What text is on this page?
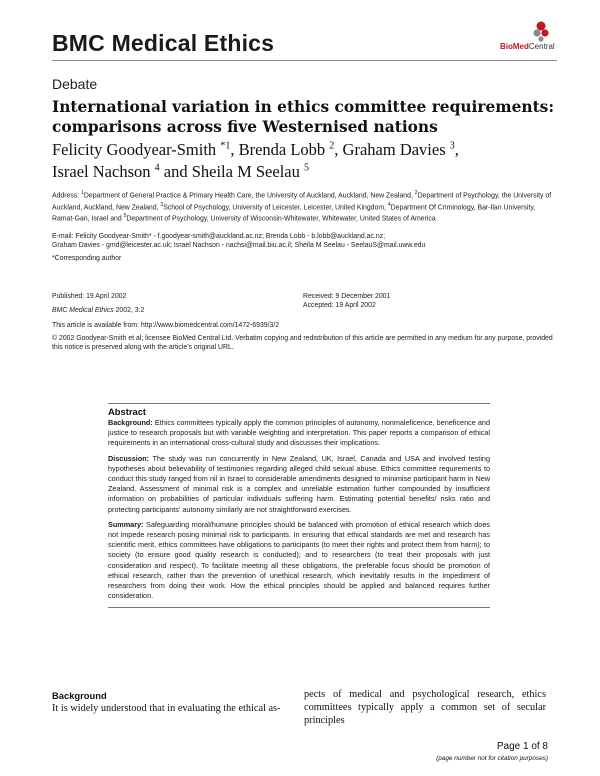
BMC Medical Ethics	BioMedCentral
Debate
International variation in ethics committee requirements: comparisons across five Westernised nations
Felicity Goodyear-Smith $^{*1}$, Brenda Lobb $^2$, Graham Davies $^3$,
Israel Nachson $^4$ and Sheila M Seelau $^5$
Address: $^1$Department of General Practice & Primary Health Care, the University of Auckland, Auckland, New Zealand, $^2$Department of Psychology, the University of Auckland, Auckland, New Zealand, $^3$School of Psychology, University of Leicester, Leicester, United Kingdom, $^4$Department Of Criminology, Bar-Ilan University, Ramat-Gan, Israel and $^5$Department of Psychology, University of Wisconsin-Whitewater, Whitewater, United States of America
E-mail: Felicity Goodyear-Smith* - f.goodyear-smith@auckland.ac.nz; Brenda Lobb - b.lobb@auckland.ac.nz;
Graham Davies - gmd@leicester.ac.uk; Israel Nachson - nachsi@mail.biu.ac.il; Sheila M Seelau - SeelauS@mail.uww.edu
*Corresponding author
Published: 19 April 2002
BMC Medical Ethics 2002, 3:2
Received: 9 December 2001
Accepted: 19 April 2002
This article is available from: http://www.biomedcentral.com/1472-6939/3/2
© 2002 Goodyear-Smith et al; licensee BioMed Central Ltd. Verbatim copying and redistribution of this article are permitted in any medium for any purpose, provided this notice is preserved along with the article's original URL.
Abstract

Background: Ethics committees typically apply the common principles of autonomy, nonmaleficence, beneficence and justice to research proposals but with variable weighting and interpretation. This paper reports a comparison of ethical requirements in an international cross-cultural study and discusses their implications.

Discussion: The study was run concurrently in New Zealand, UK, Israel, Canada and USA and involved testing hypotheses about believability of testimonies regarding alleged child sexual abuse. Ethics committee requirements to conduct this study ranged from nil in Israel to considerable amendments designed to minimise participant harm in New Zealand. Assessment of minimal risk is a complex and unreliable estimation further compounded by insufficient information on probabilities of particular individuals suffering harm. Estimating potential benefits/ risks ratio and protecting participants' autonomy similarly are not straightforward exercises.

Summary: Safeguarding moral/humane principles should be balanced with promotion of ethical research which does not impede research posing minimal risk to participants. In ensuring that ethical standards are met and research has scientific merit, ethics committees have obligations to participants (to meet their rights and protect them from harm); to society (to ensure good quality research is conducted); and to researchers (to treat their proposals with just consideration and respect). To facilitate meeting all these obligations, the preferable focus should be promotion of ethical research, rather than the prevention of unethical research, which inevitably results in the impediment of researchers from doing their work. How the ethical principles should be applied and balanced requires further consideration.

Background
It is widely understood that in evaluating the ethical as-
pects of medical and psychological research, ethics committees typically apply a common set of secular principles
Page 1 of 8
(page number not for citation purposes)
